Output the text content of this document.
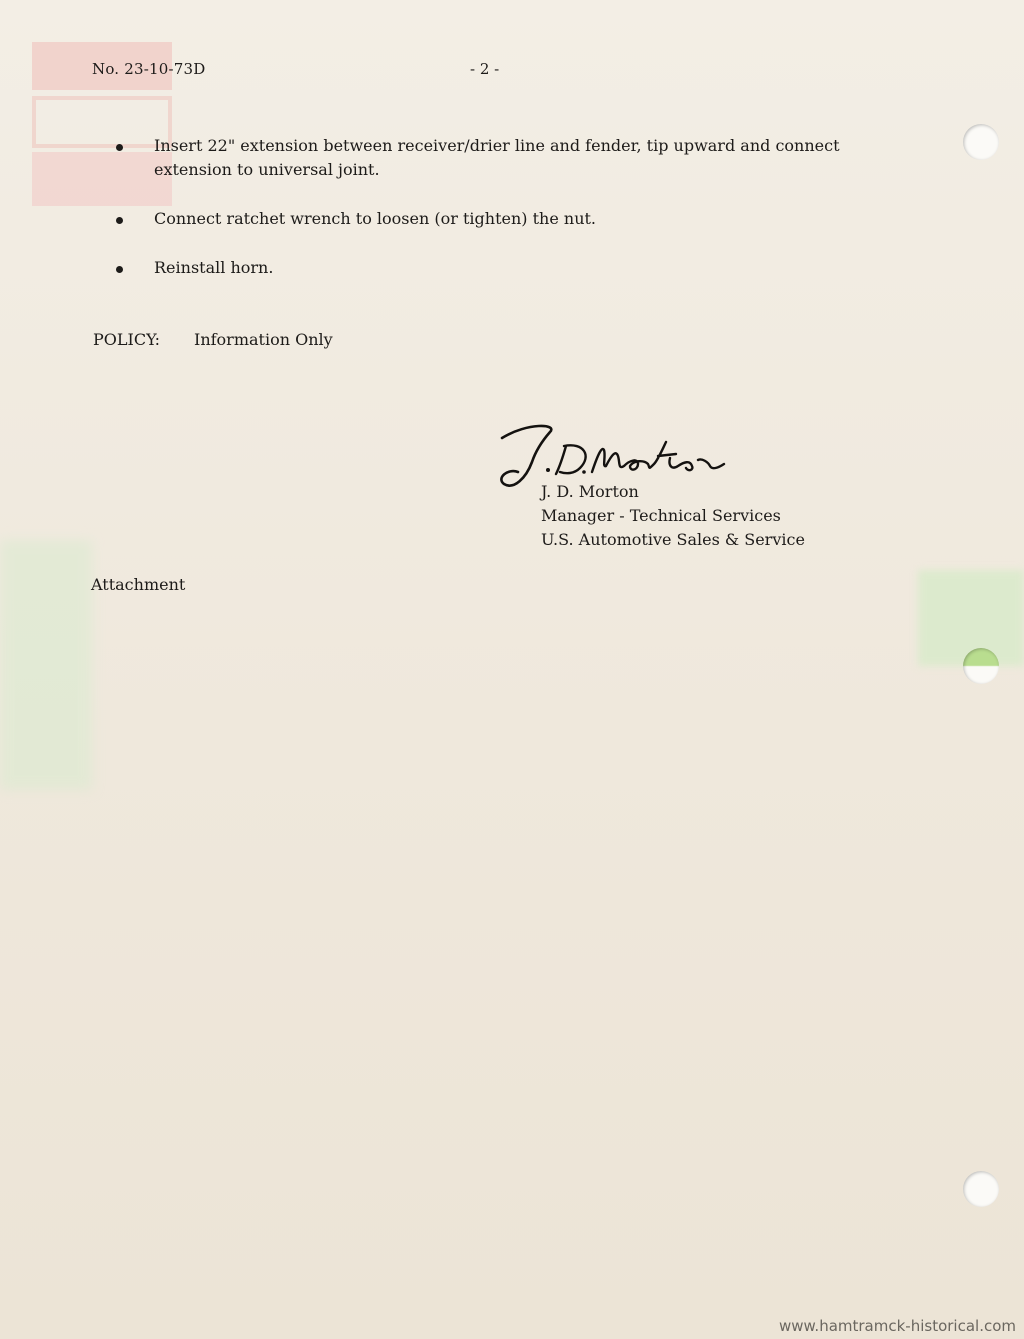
No. 23-10-73D	- 2 -
Insert 22" extension between receiver/drier line and fender, tip upward and connect extension to universal joint.
Connect ratchet wrench to loosen (or tighten) the nut.
Reinstall horn.
POLICY: Information Only
J. D. Morton
Manager - Technical Services
U.S. Automotive Sales & Service
Attachment
www.hamtramck-historical.com
